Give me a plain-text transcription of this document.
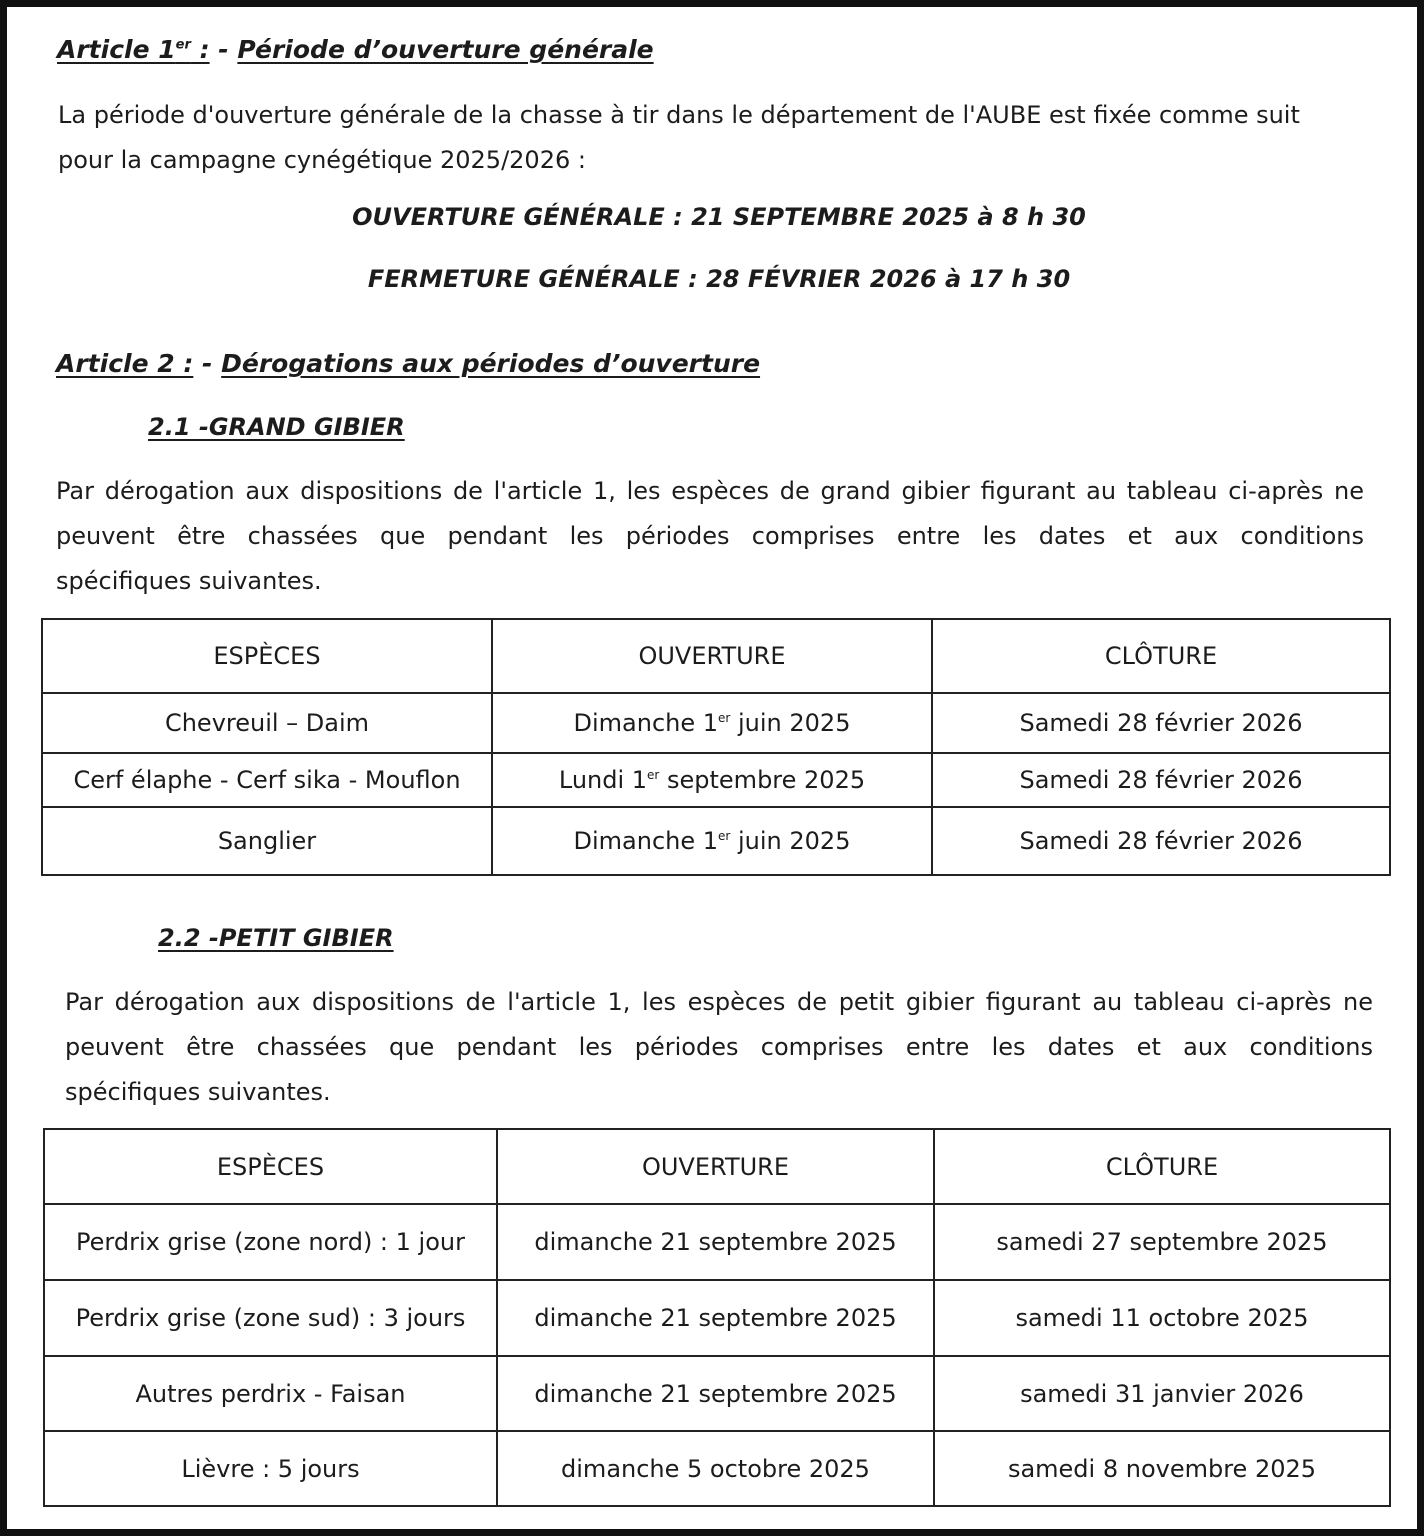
Article 1er : - Période d’ouverture générale
La période d'ouverture générale de la chasse à tir dans le département de l'AUBE est fixée comme suit
pour la campagne cynégétique 2025/2026 :
OUVERTURE GÉNÉRALE : 21 SEPTEMBRE 2025 à 8 h 30
FERMETURE GÉNÉRALE : 28 FÉVRIER 2026 à 17 h 30
Article 2 : - Dérogations aux périodes d’ouverture
2.1 -GRAND GIBIER
Par dérogation aux dispositions de l'article 1, les espèces de grand gibier figurant au tableau ci-après ne
peuvent être chassées que pendant les périodes comprises entre les dates et aux conditions
spécifiques suivantes.
ESPÈCES	OUVERTURE	CLÔTURE
Chevreuil – Daim	Dimanche 1er juin 2025	Samedi 28 février 2026
Cerf élaphe - Cerf sika - Mouflon	Lundi 1er septembre 2025	Samedi 28 février 2026
Sanglier	Dimanche 1er juin 2025	Samedi 28 février 2026
2.2 -PETIT GIBIER
Par dérogation aux dispositions de l'article 1, les espèces de petit gibier figurant au tableau ci-après ne
peuvent être chassées que pendant les périodes comprises entre les dates et aux conditions
spécifiques suivantes.
ESPÈCES	OUVERTURE	CLÔTURE
Perdrix grise (zone nord) : 1 jour	dimanche 21 septembre 2025	samedi 27 septembre 2025
Perdrix grise (zone sud) : 3 jours	dimanche 21 septembre 2025	samedi 11 octobre 2025
Autres perdrix - Faisan	dimanche 21 septembre 2025	samedi 31 janvier 2026
Lièvre : 5 jours	dimanche 5 octobre 2025	samedi 8 novembre 2025
